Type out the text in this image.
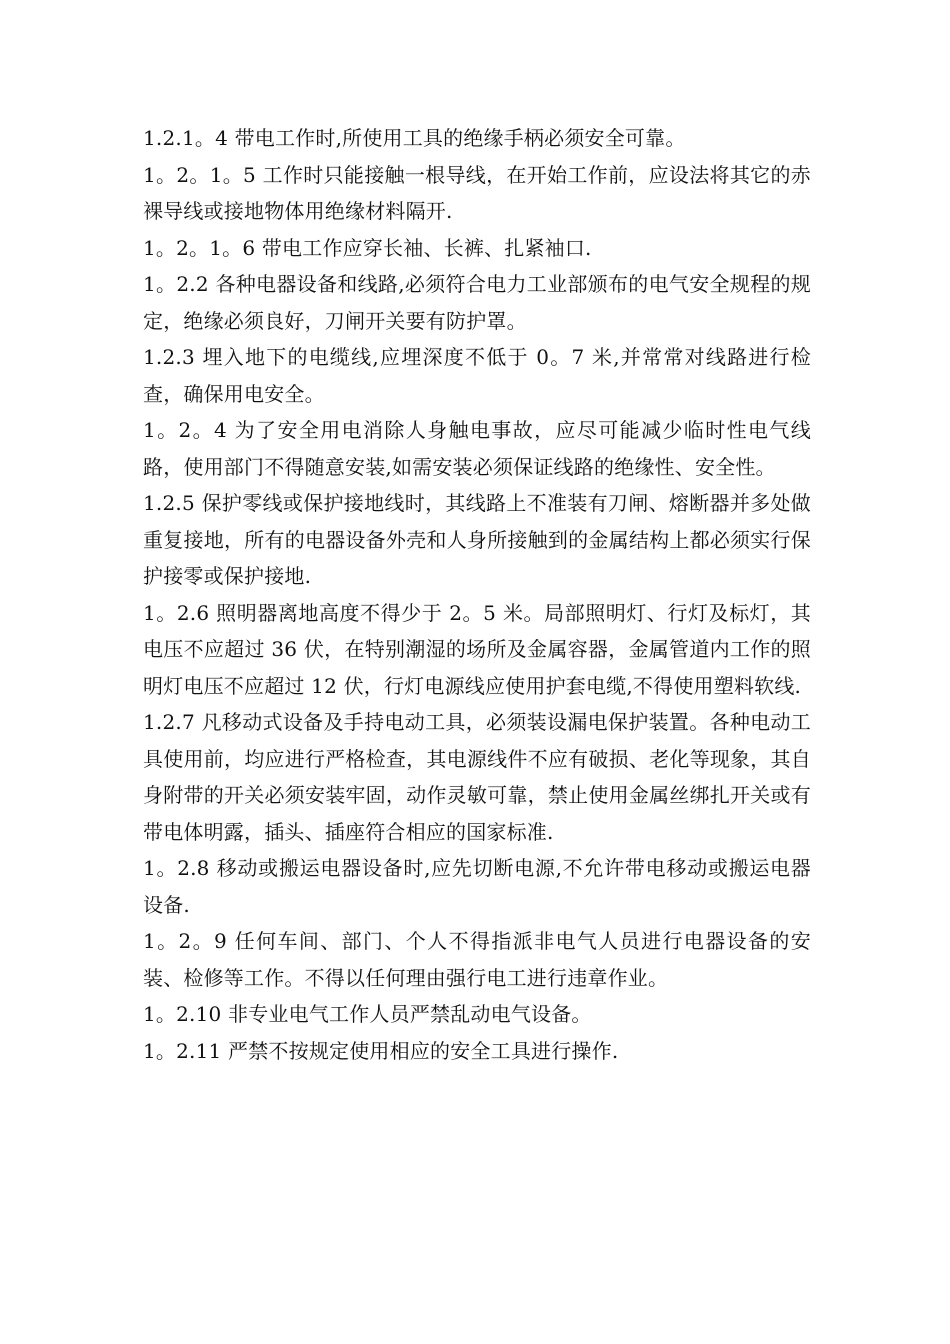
1.2.1。4 带电工作时,所使用工具的绝缘手柄必须安全可靠。

1。2。1。5 工作时只能接触一根导线，在开始工作前，应设法将其它的赤裸导线或接地物体用绝缘材料隔开.

1。2。1。6 带电工作应穿长袖、长裤、扎紧袖口.

1。2.2 各种电器设备和线路,必须符合电力工业部颁布的电气安全规程的规定，绝缘必须良好，刀闸开关要有防护罩。

1.2.3 埋入地下的电缆线,应埋深度不低于 0。7 米,并常常对线路进行检查，确保用电安全。

1。2。4 为了安全用电消除人身触电事故，应尽可能减少临时性电气线路，使用部门不得随意安装,如需安装必须保证线路的绝缘性、安全性。

1.2.5 保护零线或保护接地线时，其线路上不准装有刀闸、熔断器并多处做重复接地，所有的电器设备外壳和人身所接触到的金属结构上都必须实行保护接零或保护接地.

1。2.6 照明器离地高度不得少于 2。5 米。局部照明灯、行灯及标灯，其电压不应超过 36 伏，在特别潮湿的场所及金属容器，金属管道内工作的照明灯电压不应超过 12 伏，行灯电源线应使用护套电缆,不得使用塑料软线.

1.2.7 凡移动式设备及手持电动工具，必须装设漏电保护装置。各种电动工具使用前，均应进行严格检查，其电源线件不应有破损、老化等现象，其自身附带的开关必须安装牢固，动作灵敏可靠，禁止使用金属丝绑扎开关或有带电体明露，插头、插座符合相应的国家标准.

1。2.8 移动或搬运电器设备时,应先切断电源,不允许带电移动或搬运电器设备.

1。2。9 任何车间、部门、个人不得指派非电气人员进行电器设备的安装、检修等工作。不得以任何理由强行电工进行违章作业。

1。2.10 非专业电气工作人员严禁乱动电气设备。

1。2.11 严禁不按规定使用相应的安全工具进行操作.
